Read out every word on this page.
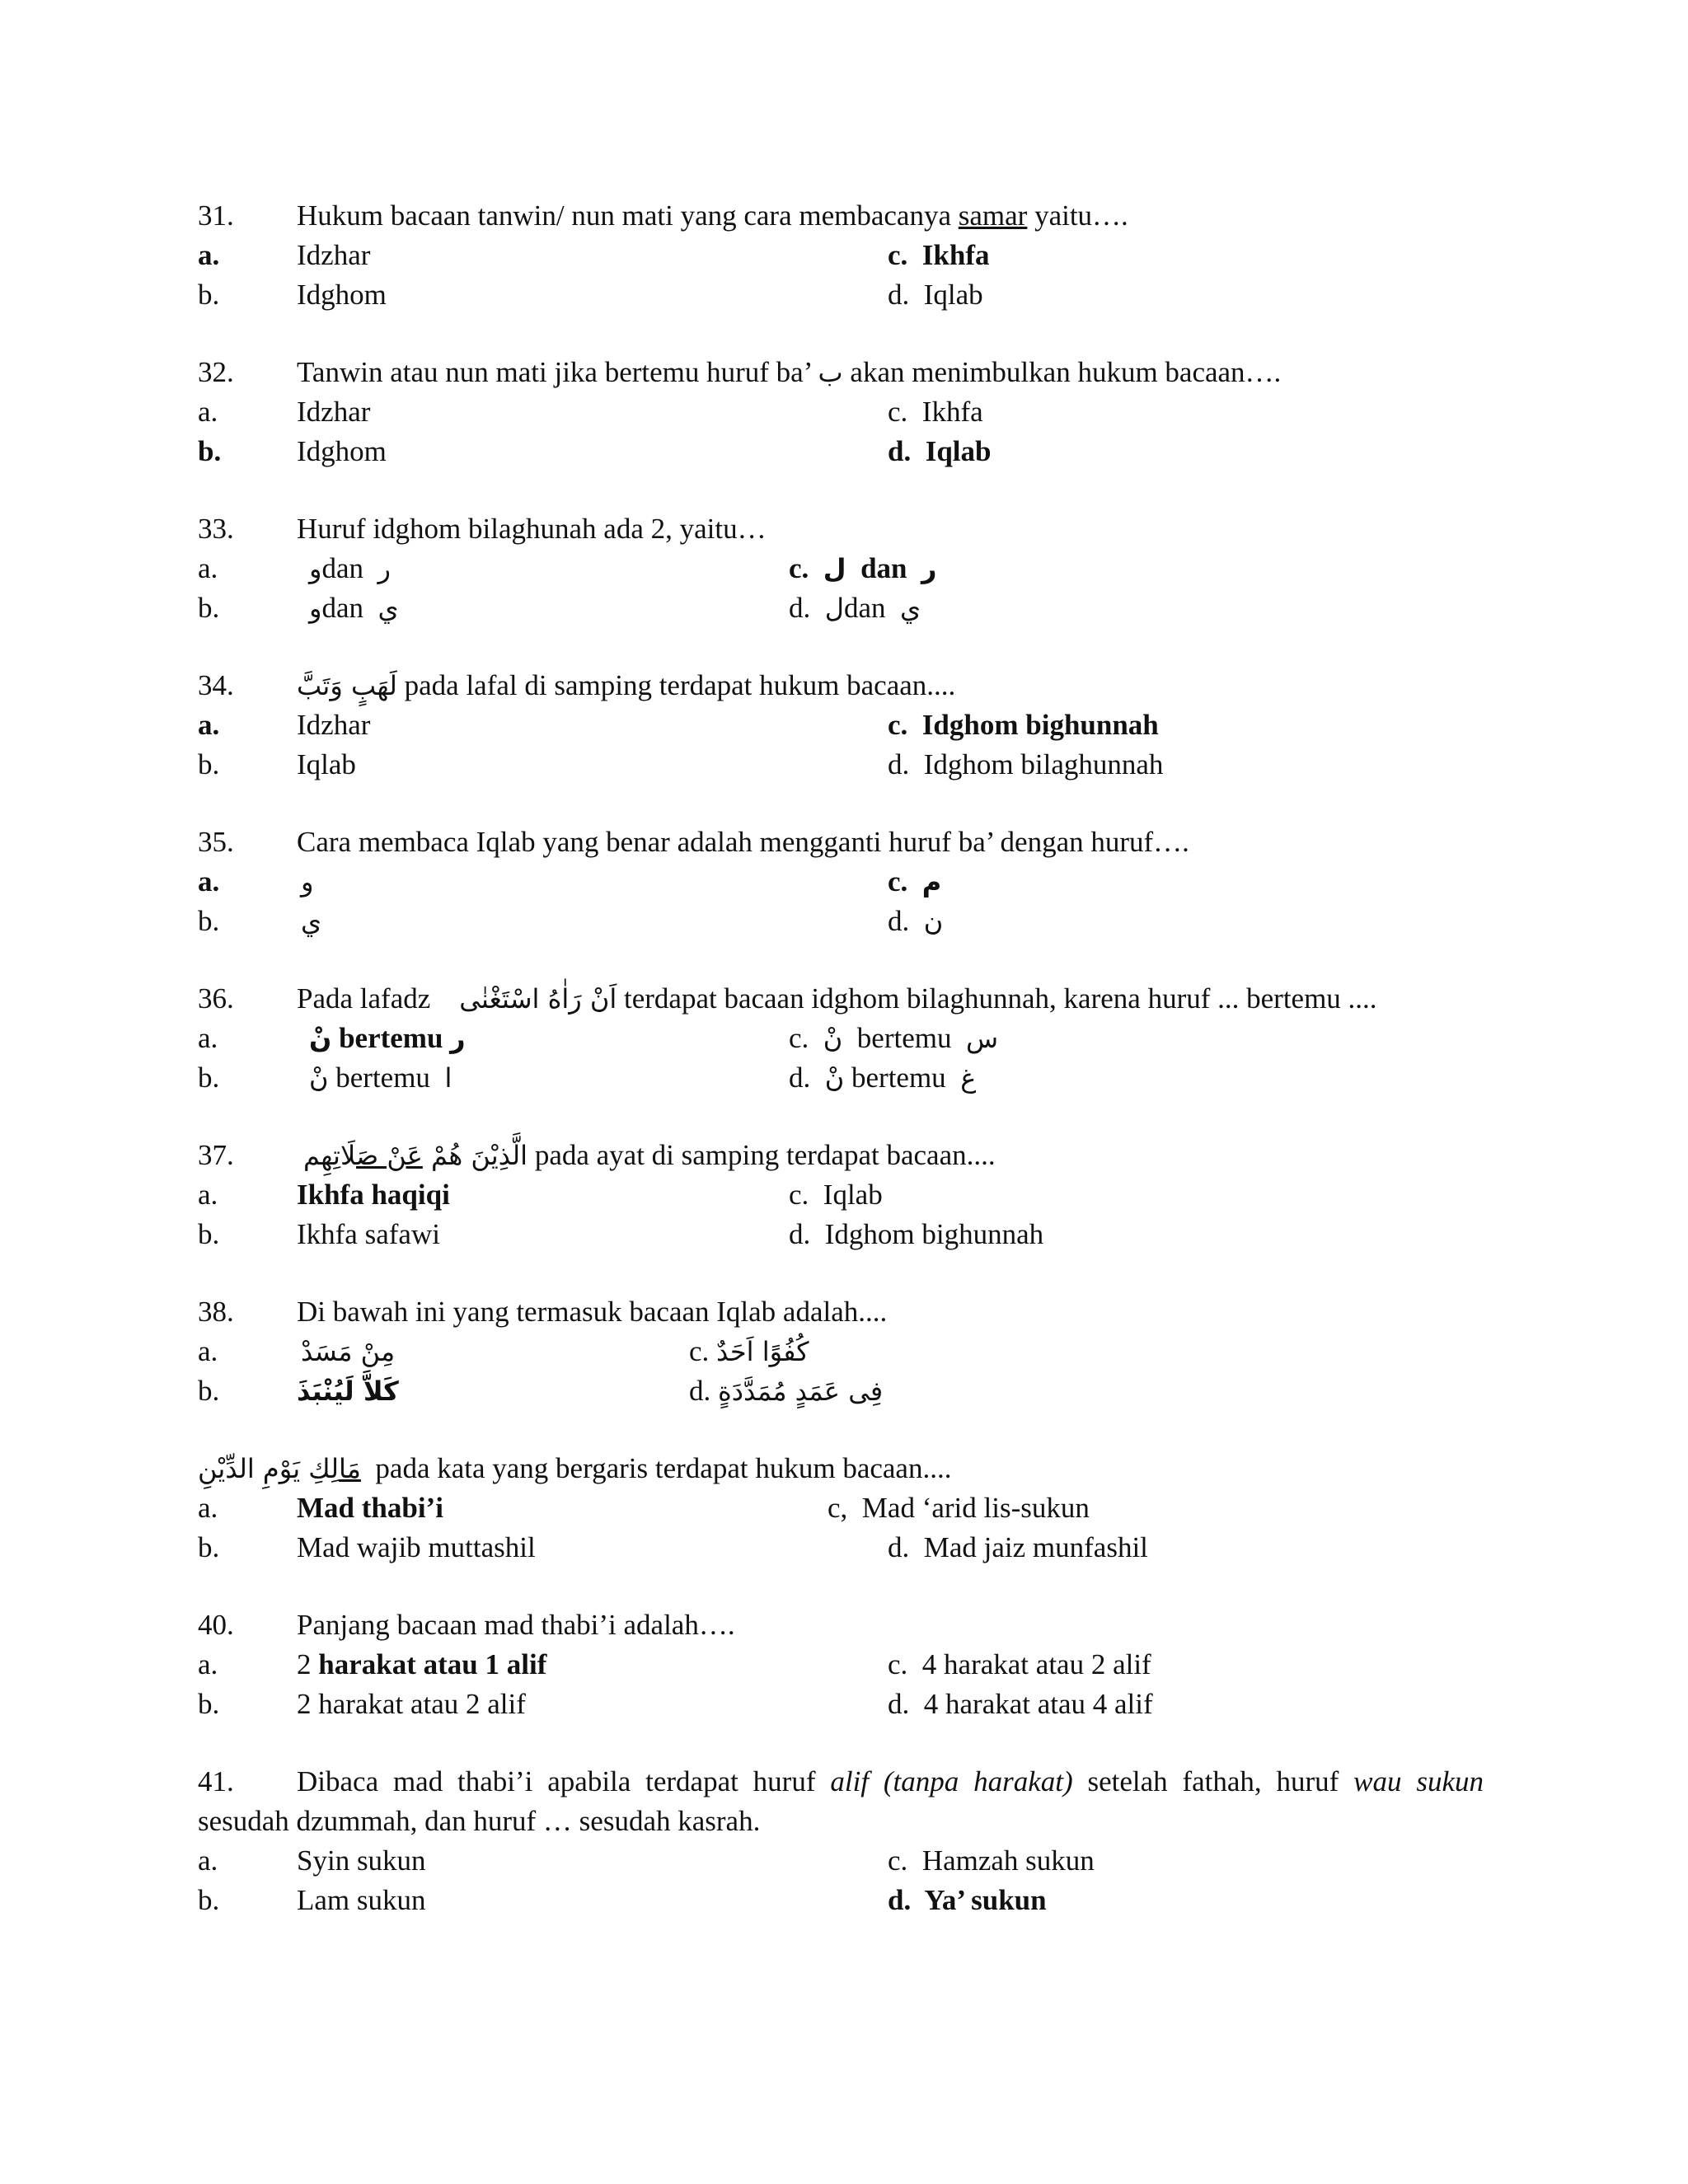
31. Hukum bacaan tanwin/ nun mati yang cara membacanya samar yaitu….
a.	Idzhar	c. Ikhfa
b.	Idghom	d. Iqlab
32. Tanwin atau nun mati jika bertemu huruf ba’ ب akan menimbulkan hukum bacaan….
a.	Idzhar	c. Ikhfa
b.	Idghom	d. Iqlab
33. Huruf idghom bilaghunah ada 2, yaitu…
a.	وdan ر	c. ل dan ر
b.	وdan ي	d. لdan ي
34. لَهَبٍ وَتَبَّ pada lafal di samping terdapat hukum bacaan....
a.	Idzhar	c. Idghom bighunnah
b.	Iqlab	d. Idghom bilaghunnah
35. Cara membaca Iqlab yang benar adalah mengganti huruf ba’ dengan huruf….
a.	و	c. م
b.	ي	d. ن
36. Pada lafadz    اَنْ رَاٰهُ اسْتَغْنٰى terdapat bacaan idghom bilaghunnah, karena huruf ... bertemu ....
a.	نْ bertemu ر	c. نْ bertemu س
b.	نْ bertemu ا	d. نْ bertemu غ
37.	الَّذِيْنَ هُمْ عَنْ صَلَاتِهِم	pada ayat di samping terdapat bacaan....
a.	Ikhfa haqiqi	c. Iqlab
b.	Ikhfa safawi	d. Idghom bighunnah
38. Di bawah ini yang termasuk bacaan Iqlab adalah....
a.	مِنْ مَسَدْ	c. كُفُوًا اَحَدٌ
b.	كَلاَّ لَيُنْبَذَ	d. فِى عَمَدٍ مُمَدَّدَةٍ
مَالِكِ يَوْمِ الدِّيْنِ  pada kata yang bergaris terdapat hukum bacaan....
a.	Mad thabi’i	c, Mad ‘arid lis-sukun
b.	Mad wajib muttashil	d. Mad jaiz munfashil
40. Panjang bacaan mad thabi’i adalah….
a.	2 harakat atau 1 alif	c. 4 harakat atau 2 alif
b.	2 harakat atau 2 alif	d. 4 harakat atau 4 alif
41. Dibaca mad thabi’i apabila terdapat huruf alif (tanpa harakat) setelah fathah, huruf wau sukun sesudah dzummah, dan huruf … sesudah kasrah.
a.	Syin sukun	c. Hamzah sukun
b.	Lam sukun	d. Ya’ sukun
